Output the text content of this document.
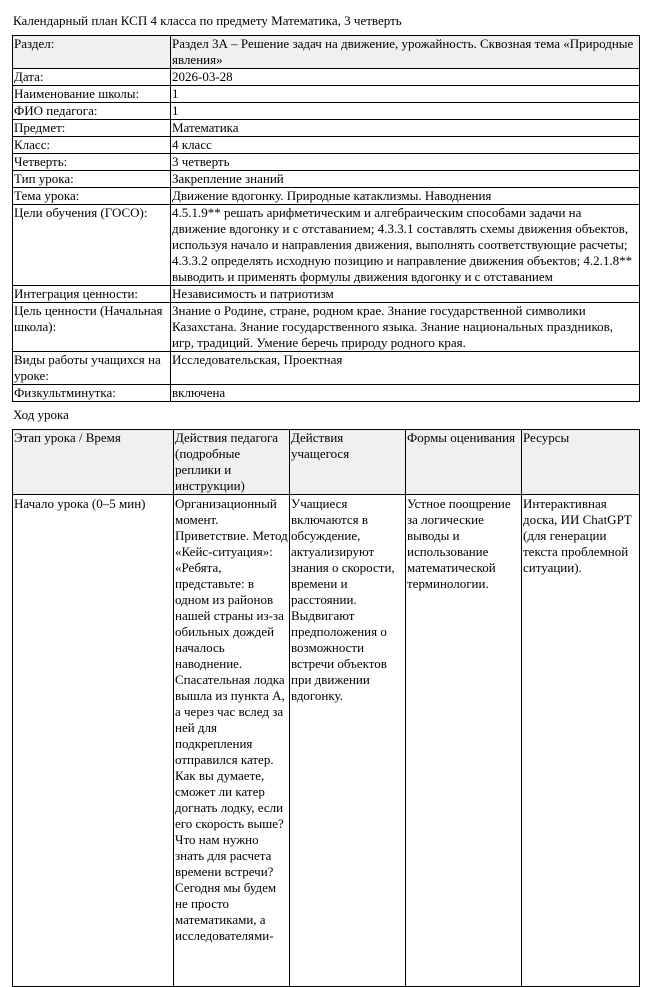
Календарный план КСП 4 класса по предмету Математика, 3 четверть
Раздел:	Раздел 3А – Решение задач на движение, урожайность. Сквозная тема «Природные явления»
Дата:	2026-03-28
Наименование школы:	1
ФИО педагога:	1
Предмет:	Математика
Класс:	4 класс
Четверть:	3 четверть
Тип урока:	Закрепление знаний
Тема урока:	Движение вдогонку. Природные катаклизмы. Наводнения
Цели обучения (ГОСО):	4.5.1.9** решать арифметическим и алгебраическим способами задачи на движение вдогонку и с отставанием; 4.3.3.1 составлять схемы движения объектов, используя начало и направления движения, выполнять соответствующие расчеты; 4.3.3.2 определять исходную позицию и направление движения объектов; 4.2.1.8** выводить и применять формулы движения вдогонку и с отставанием
Интеграция ценности:	Независимость и патриотизм
Цель ценности (Начальная школа):	Знание о Родине, стране, родном крае. Знание государственной символики Казахстана. Знание государственного языка. Знание национальных праздников, игр, традиций. Умение беречь природу родного края.
Виды работы учащихся на уроке:	Исследовательская, Проектная
Физкультминутка:	включена
Ход урока
Этап урока / Время	Действия педагога (подробные реплики и инструкции)	Действия учащегося	Формы оценивания	Ресурсы
Начало урока (0–5 мин)	Организационный момент. Приветствие. Метод «Кейс-ситуация»: «Ребята, представьте: в одном из районов нашей страны из-за обильных дождей началось наводнение. Спасательная лодка вышла из пункта А, а через час вслед за ней для подкрепления отправился катер. Как вы думаете, сможет ли катер догнать лодку, если его скорость выше? Что нам нужно знать для расчета времени встречи? Сегодня мы будем не просто математиками, а исследователями-	Учащиеся включаются в обсуждение, актуализируют знания о скорости, времени и расстоянии. Выдвигают предположения о возможности встречи объектов при движении вдогонку.	Устное поощрение за логические выводы и использование математической терминологии.	Интерактивная доска, ИИ ChatGPT (для генерации текста проблемной ситуации).
